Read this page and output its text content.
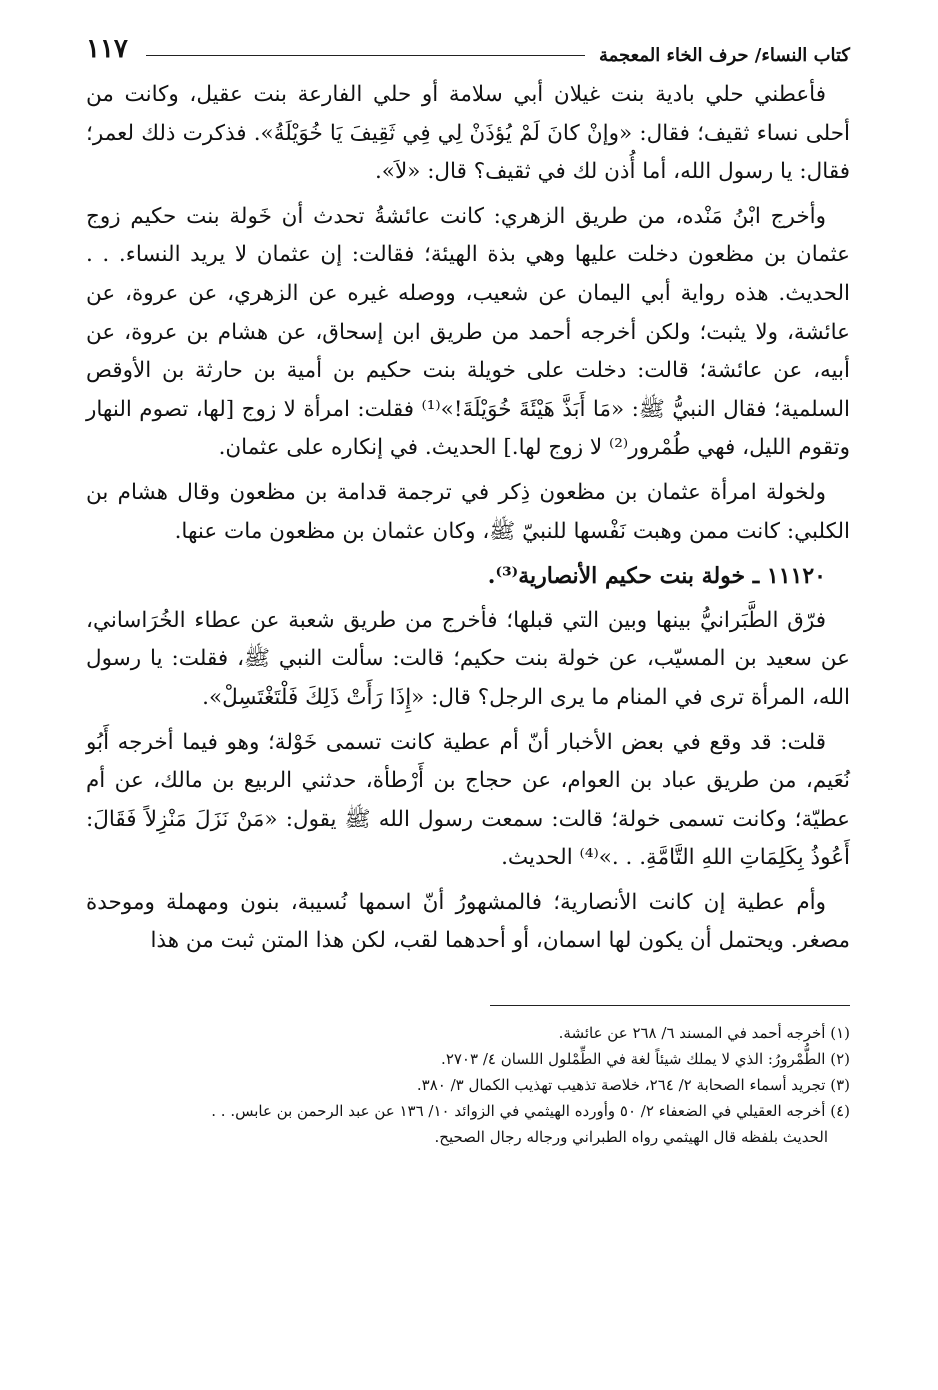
كتاب النساء/ حرف الخاء المعجمة
١١٧

فأعطني حلي بادية بنت غيلان أبي سلامة أو حلي الفارعة بنت عقيل، وكانت من أحلى نساء ثقيف؛ فقال: «وإنْ كانَ لَمْ يُؤذَنْ لِي فِي ثَقِيفَ يَا خُوَيْلَةُ». فذكرت ذلك لعمر؛ فقال: يا رسول الله، أما أُذن لك في ثقيف؟ قال: «لاَ».

وأخرج ابْنُ مَنْده، من طريق الزهري: كانت عائشةُ تحدث أن خَولة بنت حكيم زوج عثمان بن مظعون دخلت عليها وهي بذة الهيئة؛ فقالت: إن عثمان لا يريد النساء. . . الحديث. هذه رواية أبي اليمان عن شعيب، ووصله غيره عن الزهري، عن عروة، عن عائشة، ولا يثبت؛ ولكن أخرجه أحمد من طريق ابن إسحاق، عن هشام بن عروة، عن أبيه، عن عائشة؛ قالت: دخلت على خويلة بنت حكيم بن أمية بن حارثة بن الأوقص السلمية؛ فقال النبيُّ ﷺ: «مَا أَبَذَّ هَيْئَةَ خُوَيْلَةَ!»⁽¹⁾ فقلت: امرأة لا زوج [لها، تصوم النهار وتقوم الليل، فهي طُمْرور⁽²⁾ لا زوج لها.] الحديث. في إنكاره على عثمان.

ولخولة امرأة عثمان بن مظعون ذِكر في ترجمة قدامة بن مظعون وقال هشام بن الكلبي: كانت ممن وهبت نَفْسها للنبيّ ﷺ، وكان عثمان بن مظعون مات عنها.

١١١٢٠ ـ خولة بنت حكيم الأنصارية⁽³⁾.

فرّق الطَّبَرانيُّ بينها وبين التي قبلها؛ فأخرج من طريق شعبة عن عطاء الخُرَاساني، عن سعيد بن المسيّب، عن خولة بنت حكيم؛ قالت: سألت النبي ﷺ، فقلت: يا رسول الله، المرأة ترى في المنام ما يرى الرجل؟ قال: «إِذَا رَأَتْ ذَلِكَ فَلْتَغْتَسِلْ».

قلت: قد وقع في بعض الأخبار أنّ أم عطية كانت تسمى خَوْلة؛ وهو فيما أخرجه أَبُو نُعَيم، من طريق عباد بن العوام، عن حجاج بن أَرْطأة، حدثني الربيع بن مالك، عن أم عطيّة؛ وكانت تسمى خولة؛ قالت: سمعت رسول الله ﷺ يقول: «مَنْ نَزَلَ مَنْزِلاً فَقَالَ: أَعُوذُ بِكَلِمَاتِ اللهِ التَّامَّةِ. . .»⁽⁴⁾ الحديث.

وأم عطية إن كانت الأنصارية؛ فالمشهورُ أنّ اسمها نُسيبة، بنون ومهملة وموحدة مصغر. ويحتمل أن يكون لها اسمان، أو أحدهما لقب، لكن هذا المتن ثبت من هذا

(١) أخرجه أحمد في المسند ٦/ ٢٦٨ عن عائشة.

(٢) الطُّمْرورُ: الذي لا يملك شيئاً لغة في الطِّمْلول اللسان ٤/ ٢٧٠٣.

(٣) تجريد أسماء الصحابة ٢/ ٢٦٤، خلاصة تذهيب تهذيب الكمال ٣/ ٣٨٠.

(٤) أخرجه العقيلي في الضعفاء ٢/ ٥٠ وأورده الهيثمي في الزوائد ١٠/ ١٣٦ عن عبد الرحمن بن عابس. . .

الحديث بلفظه قال الهيثمي رواه الطبراني ورجاله رجال الصحيح.
